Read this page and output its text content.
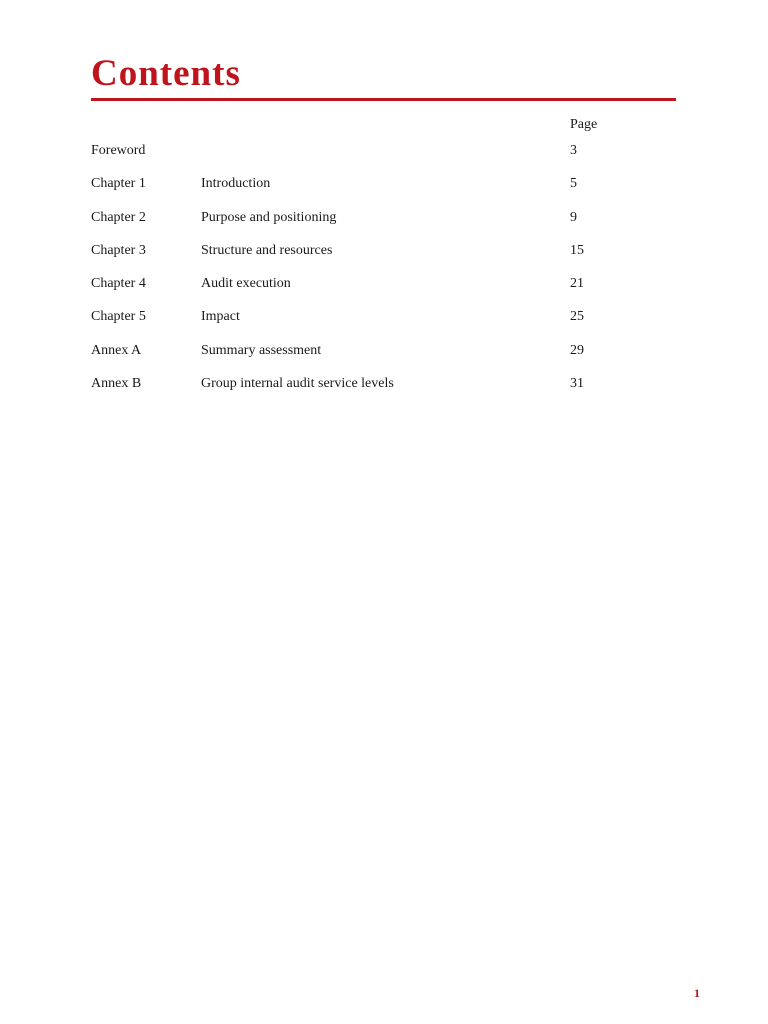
Contents
Page
Foreword	3
Chapter 1	Introduction	5
Chapter 2	Purpose and positioning	9
Chapter 3	Structure and resources	15
Chapter 4	Audit execution	21
Chapter 5	Impact	25
Annex A	Summary assessment	29
Annex B	Group internal audit service levels	31
1
